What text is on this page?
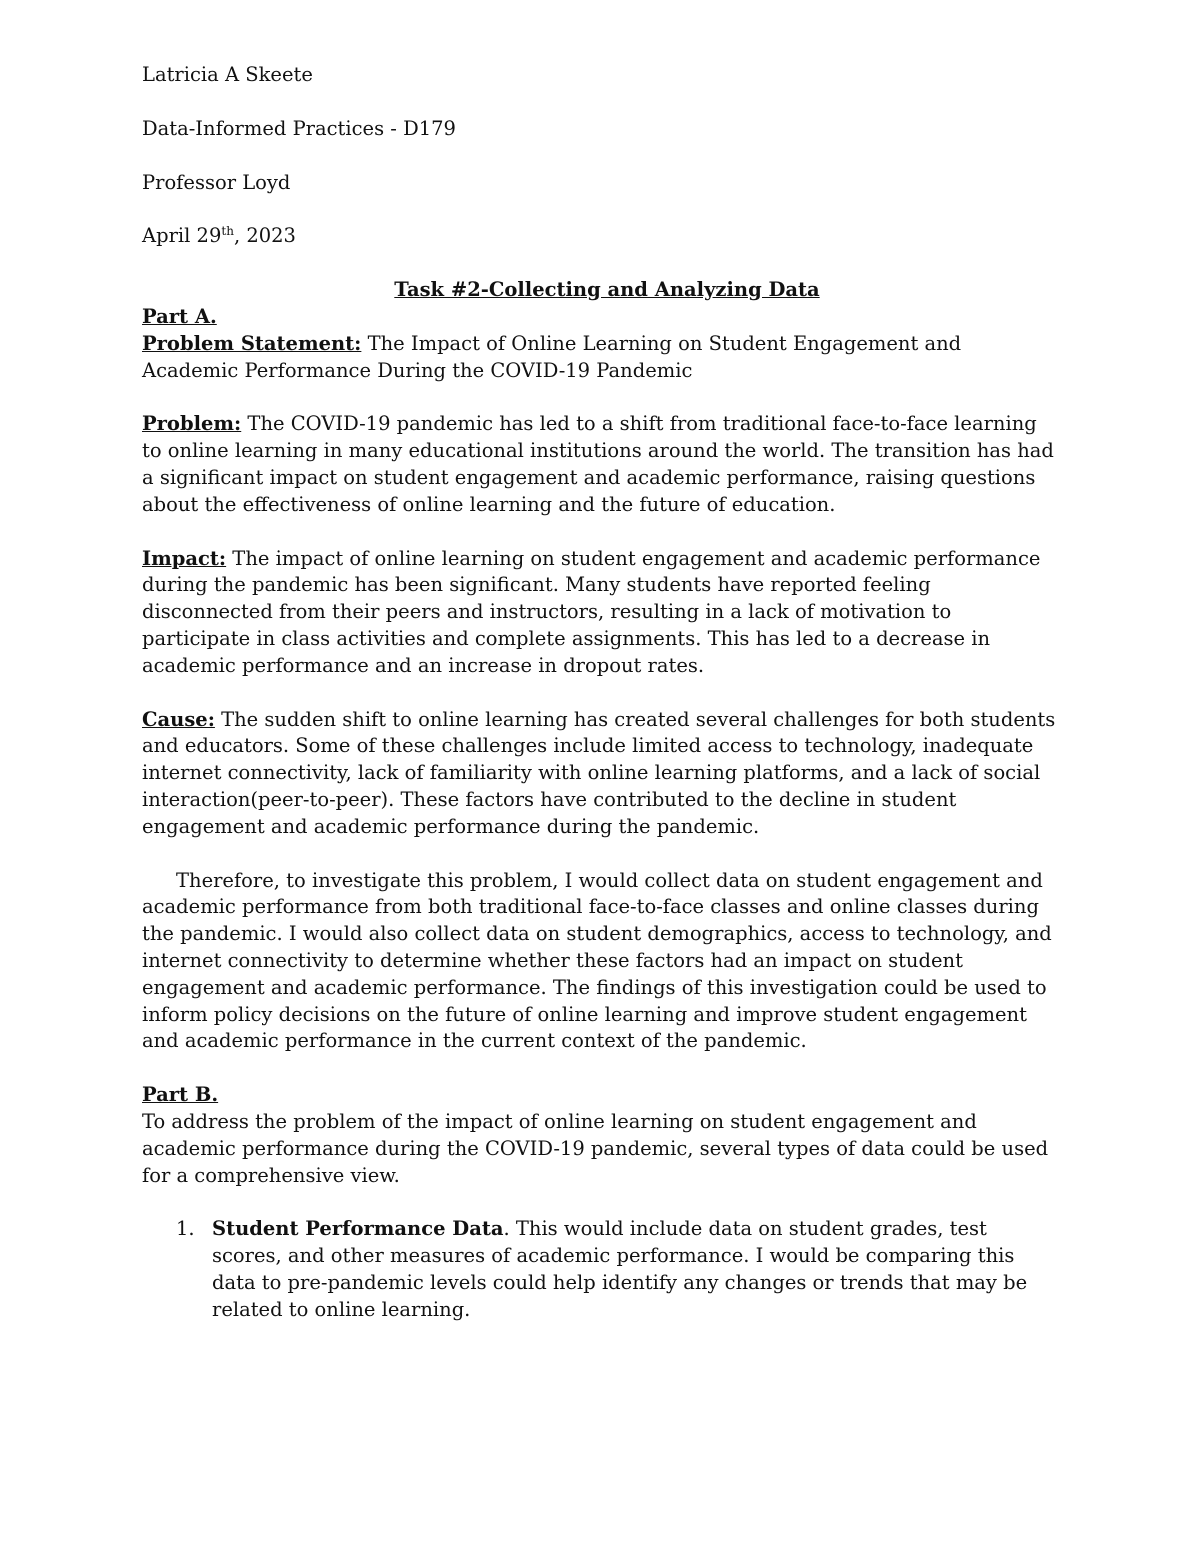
Latricia A Skeete
Data-Informed Practices - D179
Professor Loyd
April 29th, 2023

Task #2-Collecting and Analyzing Data

Part A.

Problem Statement: The Impact of Online Learning on Student Engagement and Academic Performance During the COVID-19 Pandemic

Problem: The COVID-19 pandemic has led to a shift from traditional face-to-face learning to online learning in many educational institutions around the world. The transition has had a significant impact on student engagement and academic performance, raising questions about the effectiveness of online learning and the future of education.

Impact: The impact of online learning on student engagement and academic performance during the pandemic has been significant. Many students have reported feeling disconnected from their peers and instructors, resulting in a lack of motivation to participate in class activities and complete assignments. This has led to a decrease in academic performance and an increase in dropout rates.

Cause: The sudden shift to online learning has created several challenges for both students and educators. Some of these challenges include limited access to technology, inadequate internet connectivity, lack of familiarity with online learning platforms, and a lack of social interaction(peer-to-peer). These factors have contributed to the decline in student engagement and academic performance during the pandemic.

Therefore, to investigate this problem, I would collect data on student engagement and academic performance from both traditional face-to-face classes and online classes during the pandemic. I would also collect data on student demographics, access to technology, and internet connectivity to determine whether these factors had an impact on student engagement and academic performance. The findings of this investigation could be used to inform policy decisions on the future of online learning and improve student engagement and academic performance in the current context of the pandemic.

Part B.

To address the problem of the impact of online learning on student engagement and academic performance during the COVID-19 pandemic, several types of data could be used for a comprehensive view.

1. Student Performance Data. This would include data on student grades, test scores, and other measures of academic performance. I would be comparing this data to pre-pandemic levels could help identify any changes or trends that may be related to online learning.
